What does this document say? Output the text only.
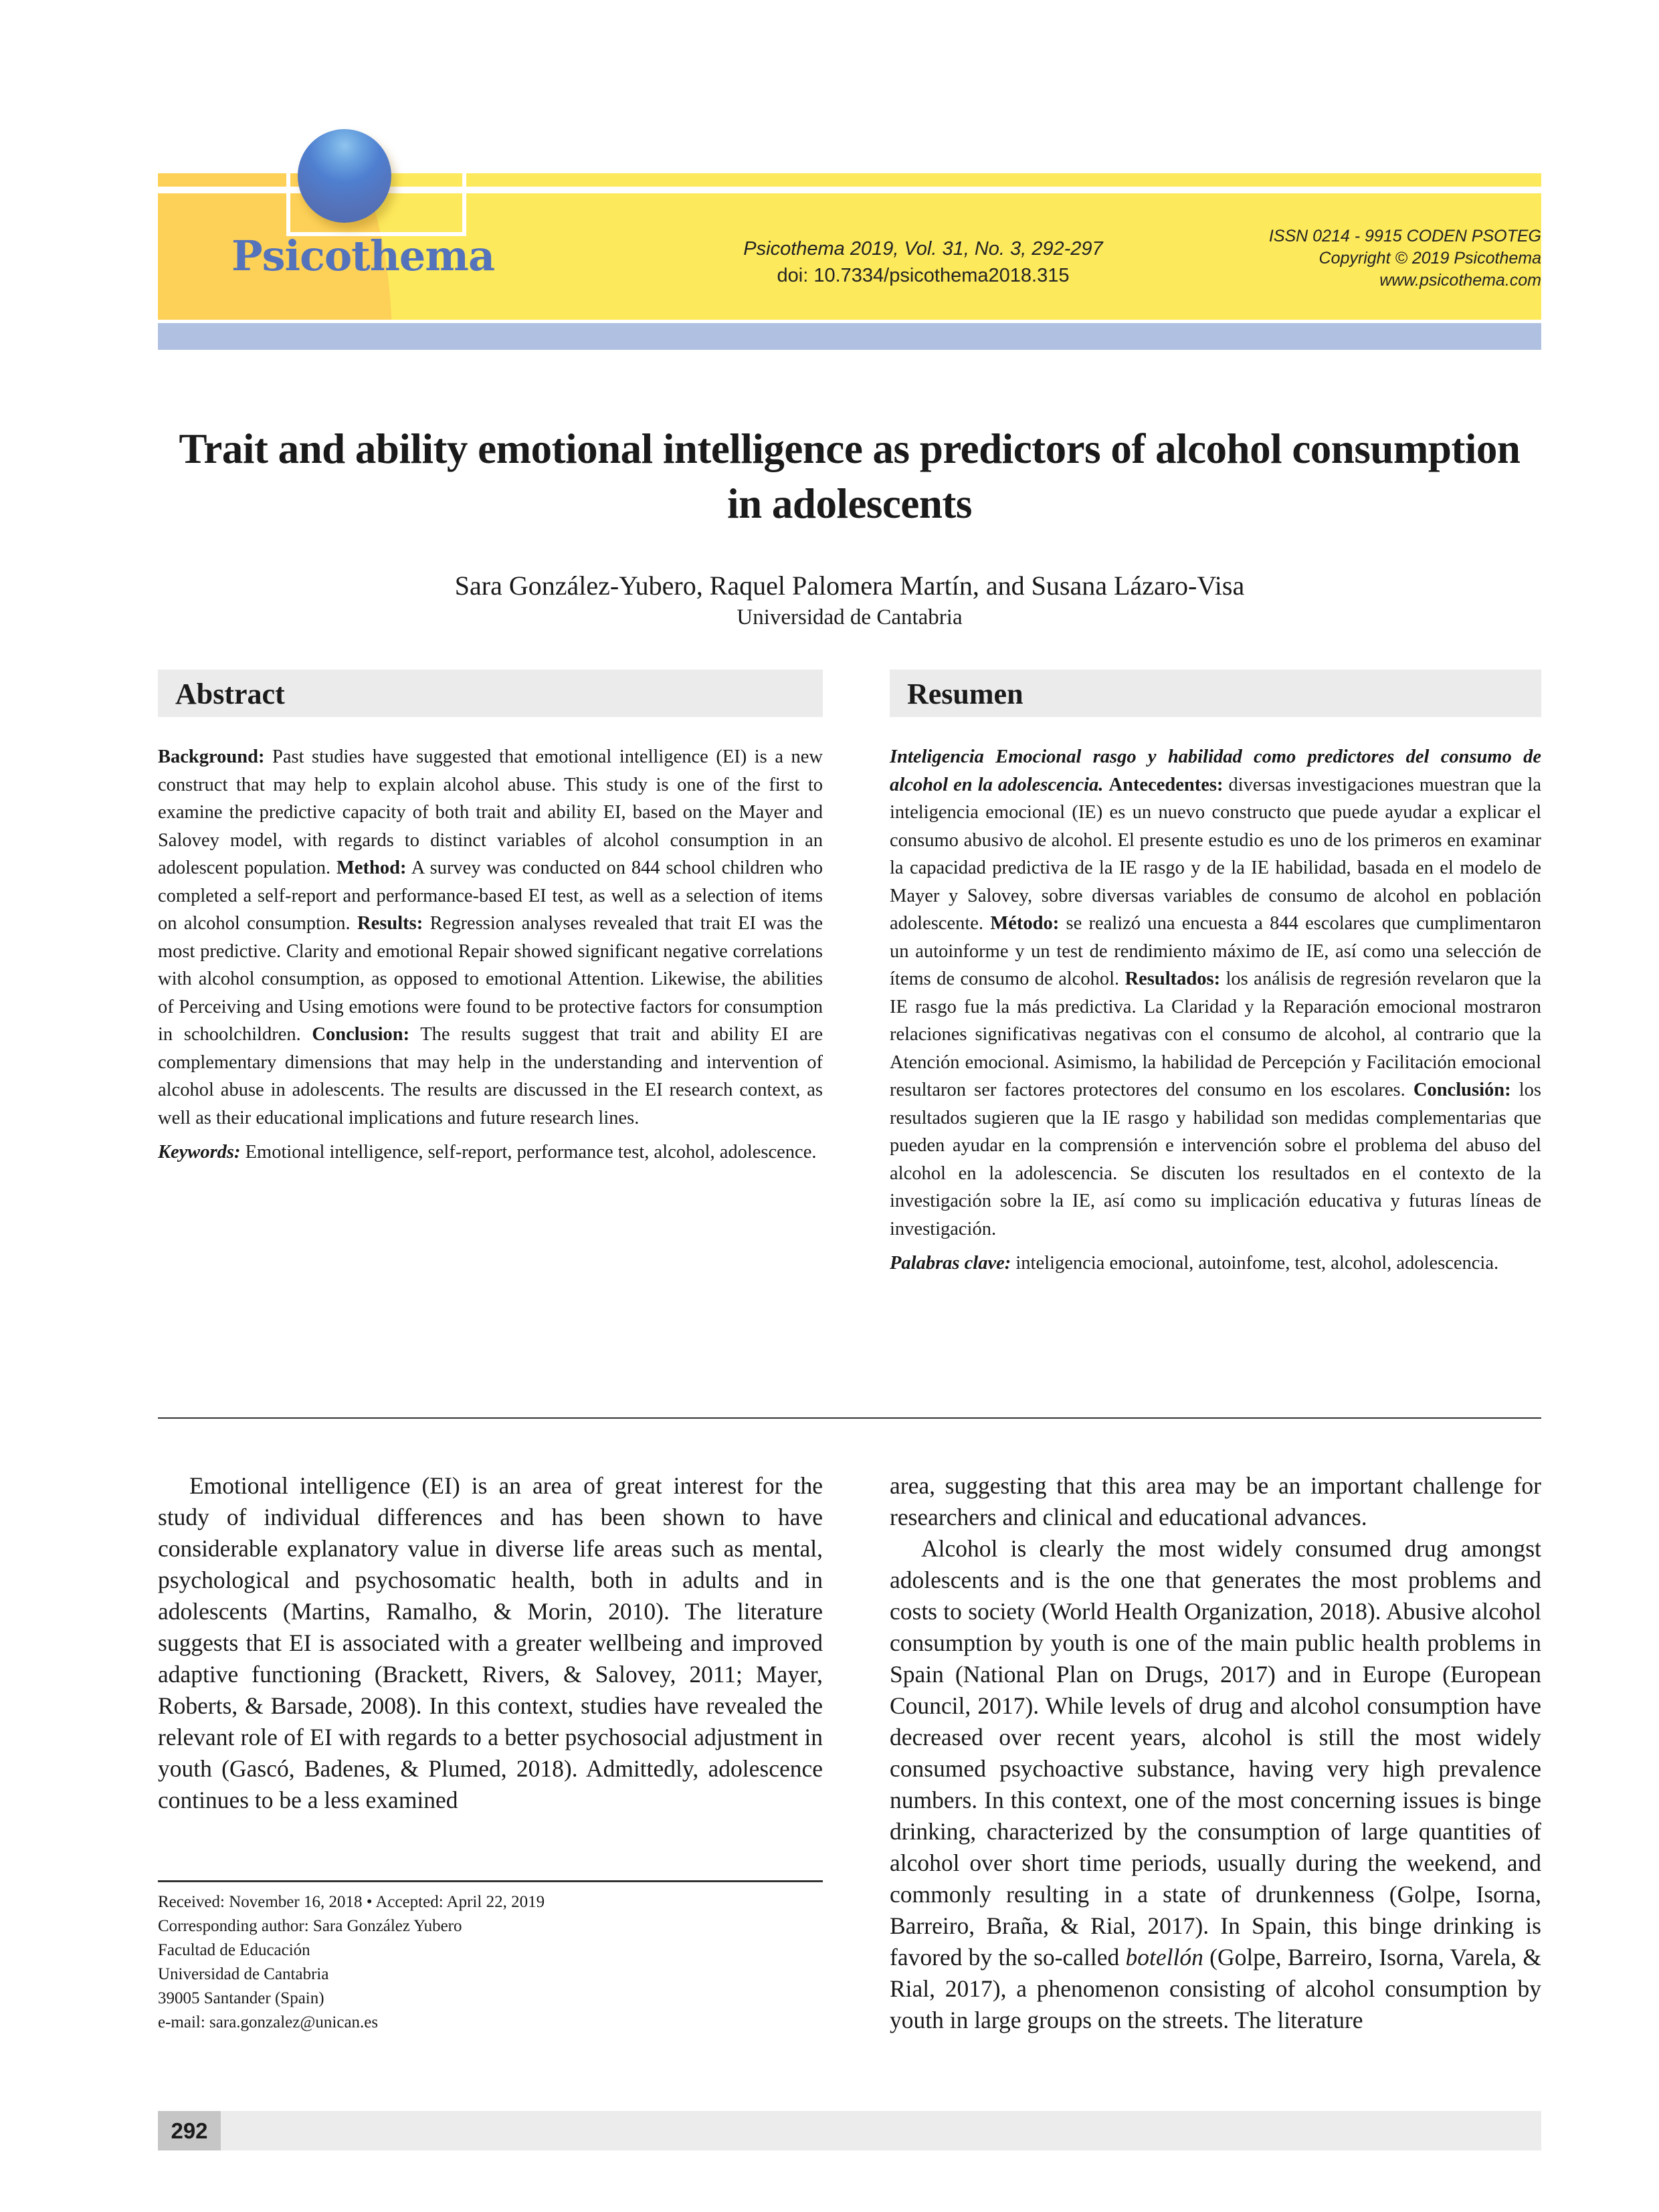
Psicothema	Psicothema 2019, Vol. 31, No. 3, 292-297
doi: 10.7334/psicothema2018.315
ISSN 0214 - 9915 CODEN PSOTEG
Copyright © 2019 Psicothema
www.psicothema.com
Trait and ability emotional intelligence as predictors of alcohol consumption in adolescents
Sara González-Yubero, Raquel Palomera Martín, and Susana Lázaro-Visa
Universidad de Cantabria
Abstract

Background: Past studies have suggested that emotional intelligence (EI) is a new construct that may help to explain alcohol abuse. This study is one of the first to examine the predictive capacity of both trait and ability EI, based on the Mayer and Salovey model, with regards to distinct variables of alcohol consumption in an adolescent population. Method: A survey was conducted on 844 school children who completed a self-report and performance-based EI test, as well as a selection of items on alcohol consumption. Results: Regression analyses revealed that trait EI was the most predictive. Clarity and emotional Repair showed significant negative correlations with alcohol consumption, as opposed to emotional Attention. Likewise, the abilities of Perceiving and Using emotions were found to be protective factors for consumption in schoolchildren. Conclusion: The results suggest that trait and ability EI are complementary dimensions that may help in the understanding and intervention of alcohol abuse in adolescents. The results are discussed in the EI research context, as well as their educational implications and future research lines.

Keywords: Emotional intelligence, self-report, performance test, alcohol, adolescence.

Resumen

Inteligencia Emocional rasgo y habilidad como predictores del consumo de alcohol en la adolescencia. Antecedentes: diversas investigaciones muestran que la inteligencia emocional (IE) es un nuevo constructo que puede ayudar a explicar el consumo abusivo de alcohol. El presente estudio es uno de los primeros en examinar la capacidad predictiva de la IE rasgo y de la IE habilidad, basada en el modelo de Mayer y Salovey, sobre diversas variables de consumo de alcohol en población adolescente. Método: se realizó una encuesta a 844 escolares que cumplimentaron un autoinforme y un test de rendimiento máximo de IE, así como una selección de ítems de consumo de alcohol. Resultados: los análisis de regresión revelaron que la IE rasgo fue la más predictiva. La Claridad y la Reparación emocional mostraron relaciones significativas negativas con el consumo de alcohol, al contrario que la Atención emocional. Asimismo, la habilidad de Percepción y Facilitación emocional resultaron ser factores protectores del consumo en los escolares. Conclusión: los resultados sugieren que la IE rasgo y habilidad son medidas complementarias que pueden ayudar en la comprensión e intervención sobre el problema del abuso del alcohol en la adolescencia. Se discuten los resultados en el contexto de la investigación sobre la IE, así como su implicación educativa y futuras líneas de investigación.

Palabras clave: inteligencia emocional, autoinfome, test, alcohol, adolescencia.

Emotional intelligence (EI) is an area of great interest for the study of individual differences and has been shown to have considerable explanatory value in diverse life areas such as mental, psychological and psychosomatic health, both in adults and in adolescents (Martins, Ramalho, & Morin, 2010). The literature suggests that EI is associated with a greater wellbeing and improved adaptive functioning (Brackett, Rivers, & Salovey, 2011; Mayer, Roberts, & Barsade, 2008). In this context, studies have revealed the relevant role of EI with regards to a better psychosocial adjustment in youth (Gascó, Badenes, & Plumed, 2018). Admittedly, adolescence continues to be a less examined

area, suggesting that this area may be an important challenge for researchers and clinical and educational advances.

Alcohol is clearly the most widely consumed drug amongst adolescents and is the one that generates the most problems and costs to society (World Health Organization, 2018). Abusive alcohol consumption by youth is one of the main public health problems in Spain (National Plan on Drugs, 2017) and in Europe (European Council, 2017). While levels of drug and alcohol consumption have decreased over recent years, alcohol is still the most widely consumed psychoactive substance, having very high prevalence numbers. In this context, one of the most concerning issues is binge drinking, characterized by the consumption of large quantities of alcohol over short time periods, usually during the weekend, and commonly resulting in a state of drunkenness (Golpe, Isorna, Barreiro, Braña, & Rial, 2017). In Spain, this binge drinking is favored by the so-called botellón (Golpe, Barreiro, Isorna, Varela, & Rial, 2017), a phenomenon consisting of alcohol consumption by youth in large groups on the streets. The literature

Received: November 16, 2018 • Accepted: April 22, 2019
Corresponding author: Sara González Yubero
Facultad de Educación
Universidad de Cantabria
39005 Santander (Spain)
e-mail: sara.gonzalez@unican.es
292
